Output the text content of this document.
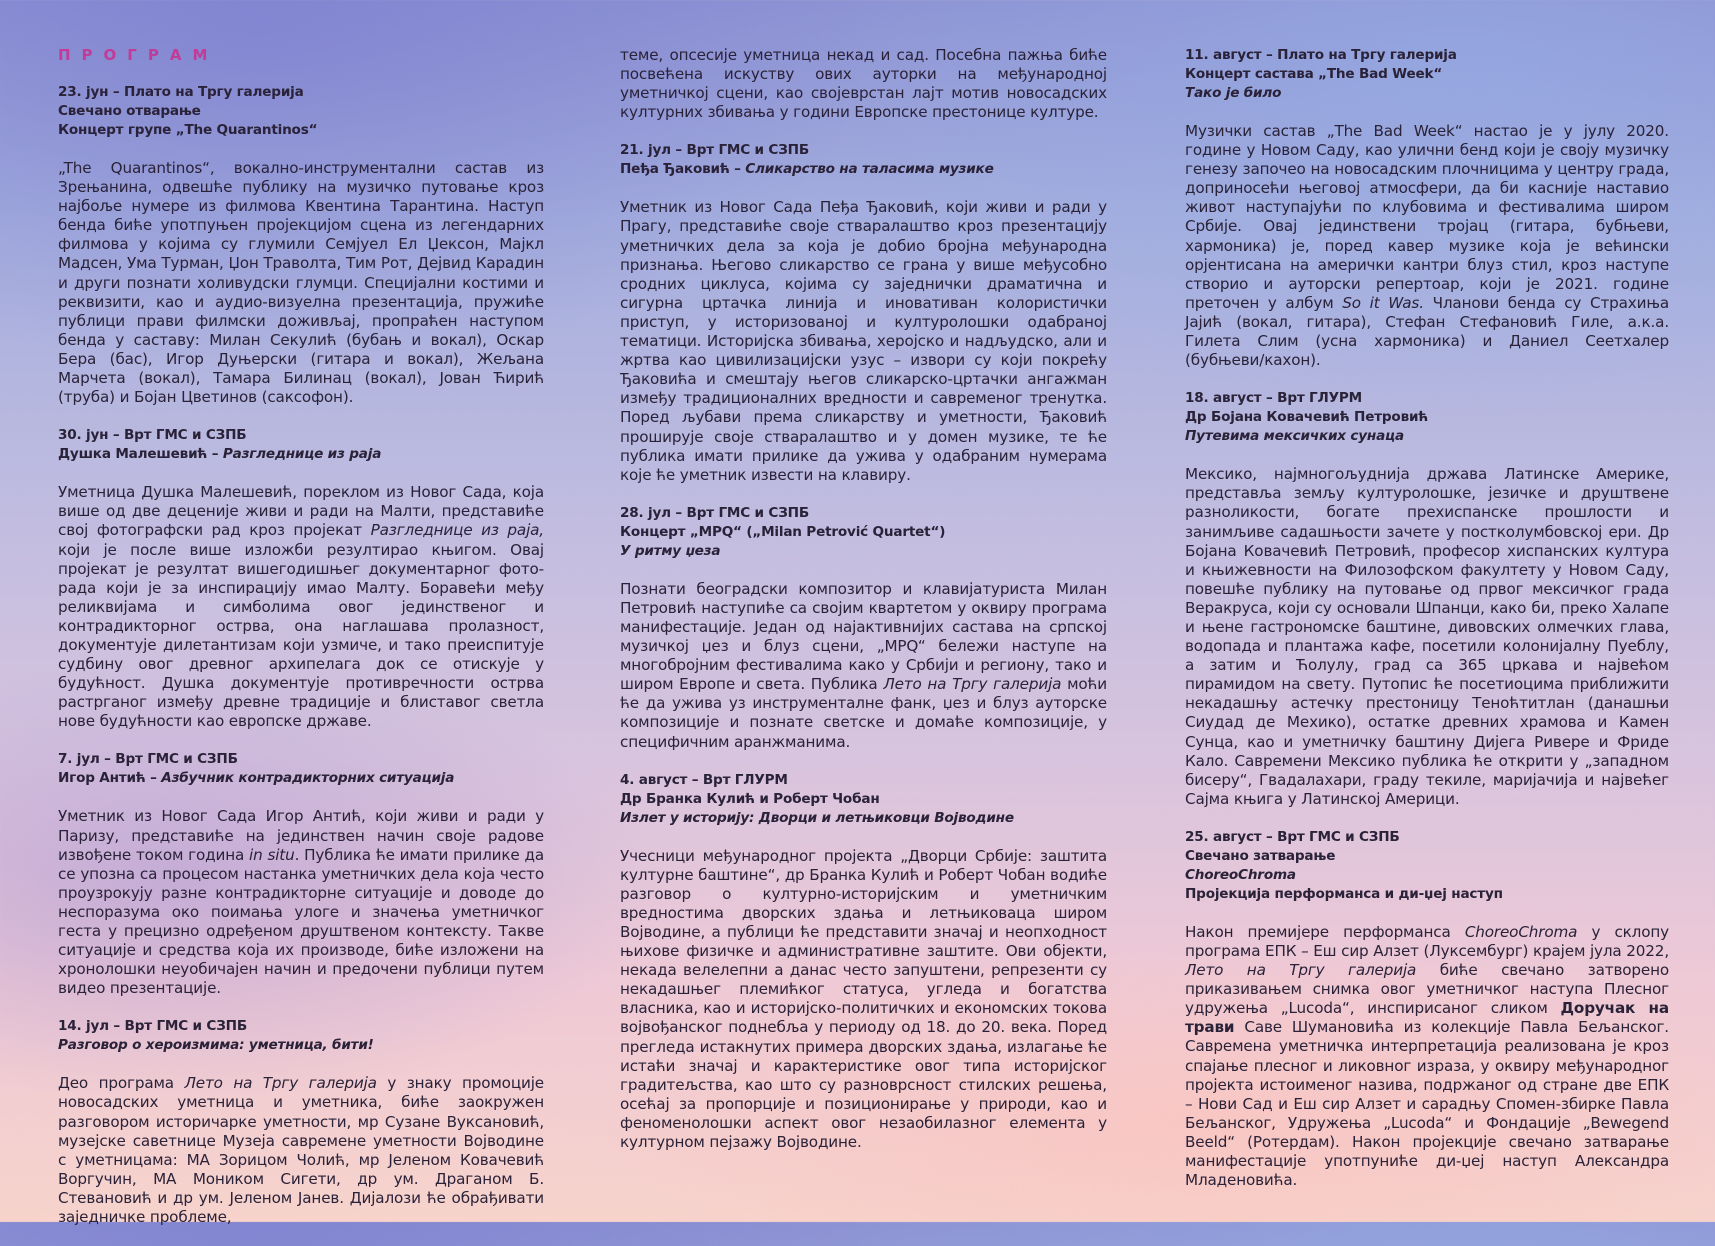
ПРОГРАМ
23. јун – Плато на Тргу галерија
Свечано отварање
Концерт групе „The Quarantinos“

„The Quarantinos“, вокално-инструментални састав из Зрењанина, одвешће публику на музичко путовање кроз најбоље нумере из филмова Квентина Тарантина. Наступ бенда биће употпуњен пројекцијом сцена из легендарних филмова у којима су глумили Семјуел Ел Џексон, Мајкл Мадсен, Ума Турман, Џон Траволта, Тим Рот, Дејвид Карадин и други познати холивудски глумци. Специјални костими и реквизити, као и аудио-визуелна презентација, пружиће публици прави филмски доживљај, пропраћен наступом бенда у саставу: Милан Секулић (бубањ и вокал), Оскар Бера (бас), Игор Дуњерски (гитара и вокал), Жељана Марчета (вокал), Тамара Билинац (вокал), Јован Ћирић (труба) и Бојан Цветинов (саксофон).

30. јун – Врт ГМС и СЗПБ
Душка Малешевић – Разгледнице из раја

Уметница Душка Малешевић, пореклом из Новог Сада, која више од две деценије живи и ради на Малти, представиће свој фотографски рад кроз пројекат Разгледнице из раја, који је после више изложби резултирао књигом. Овај пројекат је резултат вишегодишњег документарног фото-рада који је за инспирацију имао Малту. Боравећи међу реликвијама и симболима овог јединственог и контрадикторног острва, она наглашава пролазност, документује дилетантизам који узмиче, и тако преиспитује судбину овог древног архипелага док се отискује у будућност. Душка документује противречности острва растрганог између древне традиције и блиставог светла нове будућности као европске државе.

7. јул – Врт ГМС и СЗПБ
Игор Антић – Азбучник контрадикторних ситуација

Уметник из Новог Сада Игор Антић, који живи и ради у Паризу, представиће на јединствен начин своје радове извођене током година in situ. Публика ће имати прилике да се упозна са процесом настанка уметничких дела која често проузрокују разне контрадикторне ситуације и доводе до неспоразума око поимања улоге и значења уметничког геста у прецизно одређеном друштвеном контексту. Такве ситуације и средства која их производе, биће изложени на хронолошки неуобичајен начин и предочени публици путем видео презентације.

14. јул – Врт ГМС и СЗПБ
Разговор о хероизмима: уметница, бити!

Део програма Лето на Тргу галерија у знаку промоције новосадских уметница и уметника, биће заокружен разговором историчарке уметности, мр Сузане Вуксановић, музејске саветнице Музеја савремене уметности Војводине с уметницама: МА Зорицом Чолић, мр Јеленом Ковачевић Воргучин, МА Моником Сигети, др ум. Драганом Б. Стевановић и др ум. Јеленом Јанев. Дијалози ће обрађивати заједничке проблеме,

теме, опсесије уметница некад и сад. Посебна пажња биће посвећена искуству ових ауторки на међународној уметничкој сцени, као својеврстан лајт мотив новосадских културних збивања у години Европске престонице културе.

21. јул – Врт ГМС и СЗПБ
Пеђа Ђаковић – Сликарство на таласима музике

Уметник из Новог Сада Пеђа Ђаковић, који живи и ради у Прагу, представиће своје стваралаштво кроз презентацију уметничких дела за која је добио бројна међународна признања. Његово сликарство се грана у више међусобно сродних циклуса, којима су заједнички драматична и сигурна цртачка линија и иновативан колористички приступ, у историзованој и културолошки одабраној тематици. Историјска збивања, херојско и надљудско, али и жртва као цивилизацијски узус – извори су који покрећу Ђаковића и смештају његов сликарско-цртачки ангажман између традиционалних вредности и савременог тренутка. Поред љубави према сликарству и уметности, Ђаковић проширује своје стваралаштво и у домен музике, те ће публика имати прилике да ужива у одабраним нумерама које ће уметник извести на клавиру.

28. јул – Врт ГМС и СЗПБ
Концерт „MPQ“ („Milan Petrović Quartet“)
У ритму џеза

Познати београдски композитор и клавијатуриста Милан Петровић наступиће са својим квартетом у оквиру програма манифестације. Један од најактивнијих састава на српској музичкој џез и блуз сцени, „MPQ“ бележи наступе на многобројним фестивалима како у Србији и региону, тако и широм Европе и света. Публика Лето на Тргу галерија моћи ће да ужива уз инструменталне фанк, џез и блуз ауторске композиције и познате светске и домаће композиције, у специфичним аранжманима.

4. август – Врт ГЛУРМ
Др Бранка Кулић и Роберт Чобан
Излет у историју: Дворци и летњиковци Војводине

Учесници међународног пројекта „Дворци Србије: заштита културне баштине“, др Бранка Кулић и Роберт Чобан водиће разговор о културно-историјским и уметничким вредностима дворских здања и летњиковаца широм Војводине, а публици ће представити значај и неопходност њихове физичке и административне заштите. Ови објекти, некада велелепни а данас често запуштени, репрезенти су некадашњег племићког статуса, угледа и богатства власника, као и историјско-политичких и економских токова војвођанског поднебља у периоду од 18. до 20. века. Поред прегледа истакнутих примера дворских здања, излагање ће истаћи значај и карактеристике овог типа историјског градитељства, као што су разноврсност стилских решења, осећај за пропорције и позиционирање у природи, као и феноменолошки аспект овог незаобилазног елемента у културном пејзажу Војводине.

11. август – Плато на Тргу галерија
Концерт састава „The Bad Week“
Тако је било

Музички састав „The Bad Week“ настао је у јулу 2020. године у Новом Саду, као улични бенд који је своју музичку генезу започео на новосадским плочницима у центру града, доприносећи његовој атмосфери, да би касније наставио живот наступајући по клубовима и фестивалима широм Србије. Овај јединствени тројац (гитара, бубњеви, хармоника) је, поред кавер музике која је већински орјентисана на амерички кантри блуз стил, кроз наступе створио и ауторски репертоар, који је 2021. године преточен у албум So it Was. Чланови бенда су Страхиња Јајић (вокал, гитара), Стефан Стефановић Гиле, а.к.а. Гилета Слим (усна хармоника) и Даниел Сеетхалер (бубњеви/кахон).

18. август – Врт ГЛУРМ
Др Бојана Ковачевић Петровић
Путевима мексичких сунаца

Мексико, најмногољуднија држава Латинске Америке, представља земљу културолошке, језичке и друштвене разноликости, богате прехиспанске прошлости и занимљиве садашњости зачете у постколумбовској ери. Др Бојана Ковачевић Петровић, професор хиспанских култура и књижевности на Филозофском факултету у Новом Саду, повешће публику на путовање од првог мексичког града Веракруса, који су основали Шпанци, како би, преко Халапе и њене гастрономске баштине, дивовских олмечких глава, водопада и плантажа кафе, посетили колонијалну Пуеблу, а затим и Ћолулу, град са 365 цркава и највећом пирамидом на свету. Путопис ће посетиоцима приближити некадашњу астечку престоницу Теноћтитлан (данашњи Сиудад де Мехико), остатке древних храмова и Камен Сунца, као и уметничку баштину Дијега Ривере и Фриде Кало. Савремени Мексико публика ће открити у „западном бисеру“, Гвадалахари, граду текиле, маријачија и највећег Сајма књига у Латинској Америци.

25. август – Врт ГМС и СЗПБ
Свечано затварање
ChoreoChroma
Пројекција перформанса и ди-џеј наступ

Након премијере перформанса ChoreoChroma у склопу програма ЕПК – Еш сир Алзет (Луксембург) крајем јула 2022, Лето на Тргу галерија биће свечано затворено приказивањем снимка овог уметничког наступа Плесног удружења „Lucoda“, инспирисаног сликом Доручак на трави Саве Шумановића из колекције Павла Бељанског. Савремена уметничка интерпретација реализована је кроз спајање плесног и ликовног израза, у оквиру међународног пројекта истоименог назива, подржаног од стране две ЕПК – Нови Сад и Еш сир Алзет и сарадњу Спомен-збирке Павла Бељанског, Удружења „Lucoda“ и Фондације „Bewegend Beeld“ (Ротердам). Након пројекције свечано затварање манифестације употпуниће ди-џеј наступ Александра Младеновића.
